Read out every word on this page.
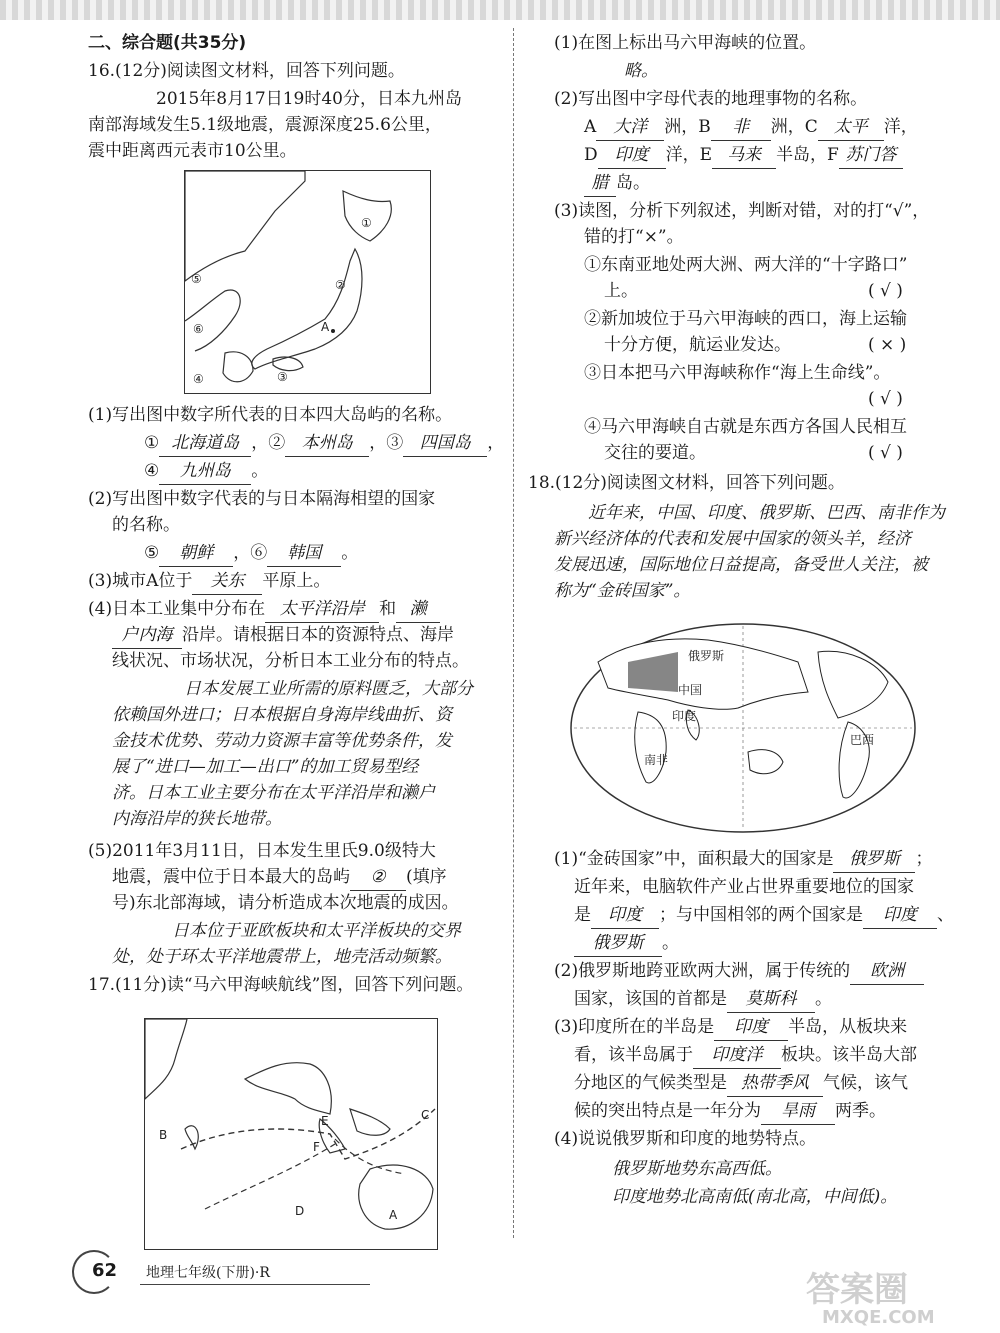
二、综合题(共35分)
16.(12分)阅读图文材料，回答下列问题。
2015年8月17日19时40分，日本九州岛
南部海域发生5.1级地震，震源深度25.6公里，
震中距离西元表市10公里。
①
②
③
④
⑤
⑥	A
(1)写出图中数字所代表的日本四大岛屿的名称。
① 北海道岛 ，② 本州岛 ，③ 四国岛 ，
④ 九州岛 。
(2)写出图中数字代表的与日本隔海相望的国家
的名称。
⑤ 朝鲜 ，⑥ 韩国 。
(3)城市A位于 关东 平原上。
(4)日本工业集中分布在 太平洋沿岸 和 濑
户内海 沿岸。请根据日本的资源特点、海岸
线状况、市场状况，分析日本工业分布的特点。
日本发展工业所需的原料匮乏，大部分
依赖国外进口；日本根据自身海岸线曲折、资
金技术优势、劳动力资源丰富等优势条件，发
展了“进口—加工—出口”的加工贸易型经
济。日本工业主要分布在太平洋沿岸和濑户
内海沿岸的狭长地带。
(5)2011年3月11日，日本发生里氏9.0级特大
地震，震中位于日本最大的岛屿 ② (填序
号)东北部海域，请分析造成本次地震的成因。
日本位于亚欧板块和太平洋板块的交界
处，处于环太平洋地震带上，地壳活动频繁。
17.(11分)读“马六甲海峡航线”图，回答下列问题。
A
B
C
D
E
F
(1)在图上标出马六甲海峡的位置。
略。
(2)写出图中字母代表的地理事物的名称。
A 大洋 洲，B 非 洲，C 太平 洋，
D 印度 洋，E 马来 半岛，F 苏门答
腊 岛。
(3)读图，分析下列叙述，判断对错，对的打“√”，
错的打“×”。
①东南亚地处两大洲、两大洋的“十字路口”
上。	( √ )
②新加坡位于马六甲海峡的西口，海上运输
十分方便，航运业发达。	( × )
③日本把马六甲海峡称作“海上生命线”。
( √ )
④马六甲海峡自古就是东西方各国人民相互
交往的要道。	( √ )
18.(12分)阅读图文材料，回答下列问题。
近年来，中国、印度、俄罗斯、巴西、南非作为
新兴经济体的代表和发展中国家的领头羊，经济
发展迅速，国际地位日益提高，备受世人关注，被
称为“金砖国家”。
俄罗斯
中国
印度
巴西
南非
(1)“金砖国家”中，面积最大的国家是 俄罗斯 ；
近年来，电脑软件产业占世界重要地位的国家
是 印度 ；与中国相邻的两个国家是 印度 、
俄罗斯 。
(2)俄罗斯地跨亚欧两大洲，属于传统的 欧洲
国家，该国的首都是 莫斯科 。
(3)印度所在的半岛是 印度 半岛，从板块来
看，该半岛属于 印度洋 板块。该半岛大部
分地区的气候类型是 热带季风 气候，该气
候的突出特点是一年分为 旱雨 两季。
(4)说说俄罗斯和印度的地势特点。
俄罗斯地势东高西低。
印度地势北高南低(南北高，中间低)。
62 地理七年级(下册)·R	答案圈
MXQE.COM
